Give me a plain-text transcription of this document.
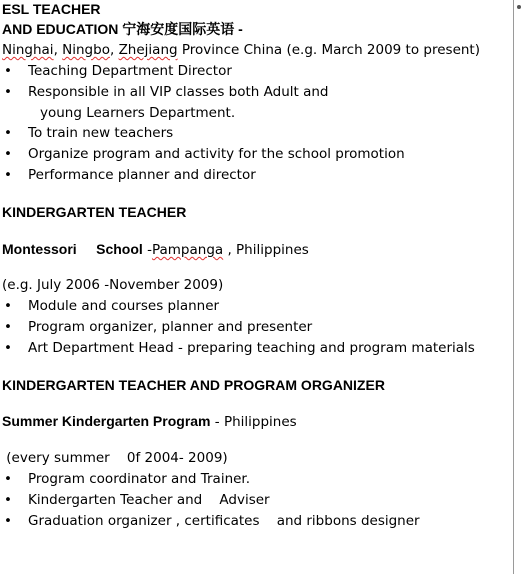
ESL TEACHER
AND EDUCATION 宁海安度国际英语 -
Ninghai, Ningbo, Zhejiang Province China (e.g. March 2009 to present)
• Teaching Department Director
• Responsible in all VIP classes both Adult and
young Learners Department.
• To train new teachers
• Organize program and activity for the school promotion
• Performance planner and director
KINDERGARTEN TEACHER
Montessori     School -Pampanga , Philippines
(e.g. July 2006 -November 2009)
• Module and courses planner
• Program organizer, planner and presenter
• Art Department Head - preparing teaching and program materials
KINDERGARTEN TEACHER AND PROGRAM ORGANIZER
Summer Kindergarten Program - Philippines
(every summer    0f 2004- 2009)
• Program coordinator and Trainer.
• Kindergarten Teacher and    Adviser
• Graduation organizer , certificates    and ribbons designer
